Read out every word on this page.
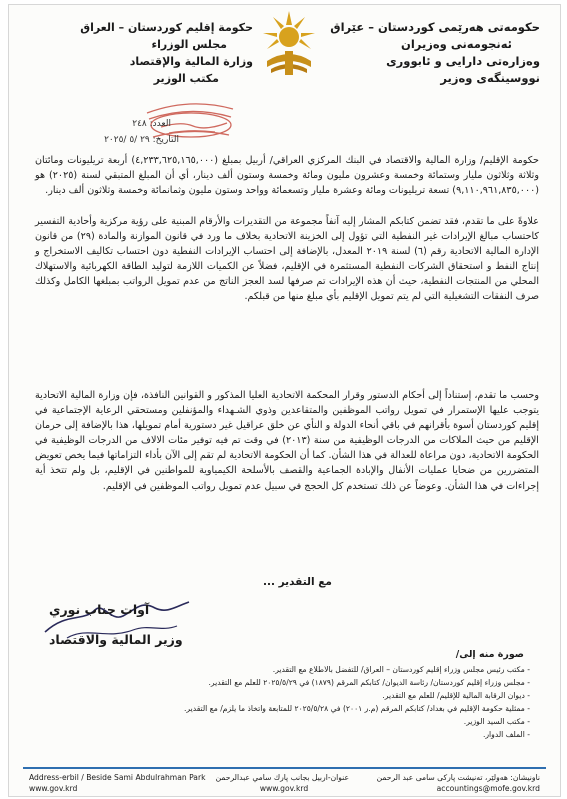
حکومەتی هەرێمی کوردستان – عێراق
ئەنجومەنی وەزیران
وەزارەتی دارایی و ئابووری
نووسینگەی وەزیر
حكومة إقليم كوردستان – العراق
مجلس الوزراء
وزارة المالية والإقتصاد
مكتب الوزير
العدد: ٢٤٨
التاريخ: ٢٩ /٥ /٢٠٢٥

حكومة الإقليم/ وزارة المالية والاقتصاد في البنك المركزي العراقي/ أربيل بمبلغ (٤,٢٣٣,٦٢٥,١٦٥,٠٠٠) أربعة تريليونات ومائتان وثلاثة وثلاثون مليار وستمائة وخمسة وعشرون مليون ومائة وخمسة وستون ألف دينار، أي أن المبلغ المتبقي لسنة (٢٠٢٥) هو (٩,١١٠,٩٦١,٨٣٥,٠٠٠) تسعة تريليونات ومائة وعشرة مليار وتسعمائة وواحد وستون مليون وثمانمائة وخمسة وثلاثون ألف دينار.

علاوةً على ما تقدم، فقد تضمن كتابكم المشار إليه آنفاً مجموعة من التقديرات والأرقام المبنية على رؤية مركزية وأحادية التفسير كاحتساب مبالغ الإيرادات غير النفطية التي تؤول إلى الخزينة الاتحادية بخلاف ما ورد في قانون الموازنة والمادة (٢٩) من قانون الإدارة المالية الاتحادية رقم (٦) لسنة ٢٠١٩ المعدل، بالإضافة إلى احتساب الإيرادات النفطية دون احتساب تكاليف الاستخراج و إنتاج النفط و استحقاق الشركات النفطية المستثمرة في الإقليم، فضلاً عن الكميات اللازمة لتوليد الطاقة الكهربائية والاستهلاك المحلي من المنتجات النفطية، حيث أن هذه الإيرادات تم صرفها لسد العجز الناتج من عدم تمويل الرواتب بمبلغها الكامل وكذلك صرف النفقات التشغيلية التي لم يتم تمويل الإقليم بأي مبلغ منها من قبلكم.

وحسب ما تقدم، إستناداً إلى أحكام الدستور وقرار المحكمة الاتحادية العليا المذكور و القوانين النافذة، فإن وزارة المالية الاتحادية يتوجب عليها الإستمرار في تمويل رواتب الموظفين والمتقاعدين وذوي الشـهداء والمؤنفلين ومستحقي الرعاية الإجتماعية في إقليم كوردستان أسوة بأقرانهم في باقي أنحاء الدولة و النأي عن خلق عراقيل غير دستورية أمام تمويلها، هذا بالإضافة إلى حرمان الإقليم من حيث الملاكات من الدرجات الوظيفية من سنة (٢٠١٣) في وقت تم فيه توفير مئات الالاف من الدرجات الوظيفية في الحكومة الاتحادية، دون مراعاة للعدالة في هذا الشأن. كما أن الحكومة الاتحادية لم تقم إلى الآن بأداء التزاماتها فيما يخص تعويض المتضررين من ضحايا عمليات الأنفال والإبادة الجماعية والقصف بالأسلحة الكيمياوية للمواطنين في الإقليم، بل ولم تتخذ أية إجراءات في هذا الشأن. وعوضاً عن ذلك تستخدم كل الحجج في سبيل عدم تمويل رواتب الموظفين في الإقليم.

مع التقدير ...
آوات جناب نوري
وزير المالية والاقتصاد
صورة منه إلى/
- مكتب رئيس مجلس وزراء إقليم كوردستان – العراق/ للتفضل بالاطلاع مع التقدير.
- مجلس وزراء إقليم كوردستان/ رئاسة الديوان/ كتابكم المرقم (١٨٧٩) في ٢٠٢٥/٥/٢٩ للعلم مع التقدير.
- ديوان الرقابة المالية للإقليم/ للعلم مع التقدير.
- ممثلية حكومة الإقليم في بغداد/ كتابكم المرقم (م.ر ٢٠٠١) في ٢٠٢٥/٥/٢٨ للمتابعة واتخاذ ما يلزم/ مع التقدير.
- مكتب السيد الوزير.
- الملف الدوار.
Address-erbil / Beside Sami Abdulrahman Park
www.gov.krd
عنوان-اربيل بجانب پارك سامي عبدالرحمن
www.gov.krd
ناونيشان: هەولێر، تەنيشت پارکی سامی عبد الرحمن
accountings@mofe.gov.krd
